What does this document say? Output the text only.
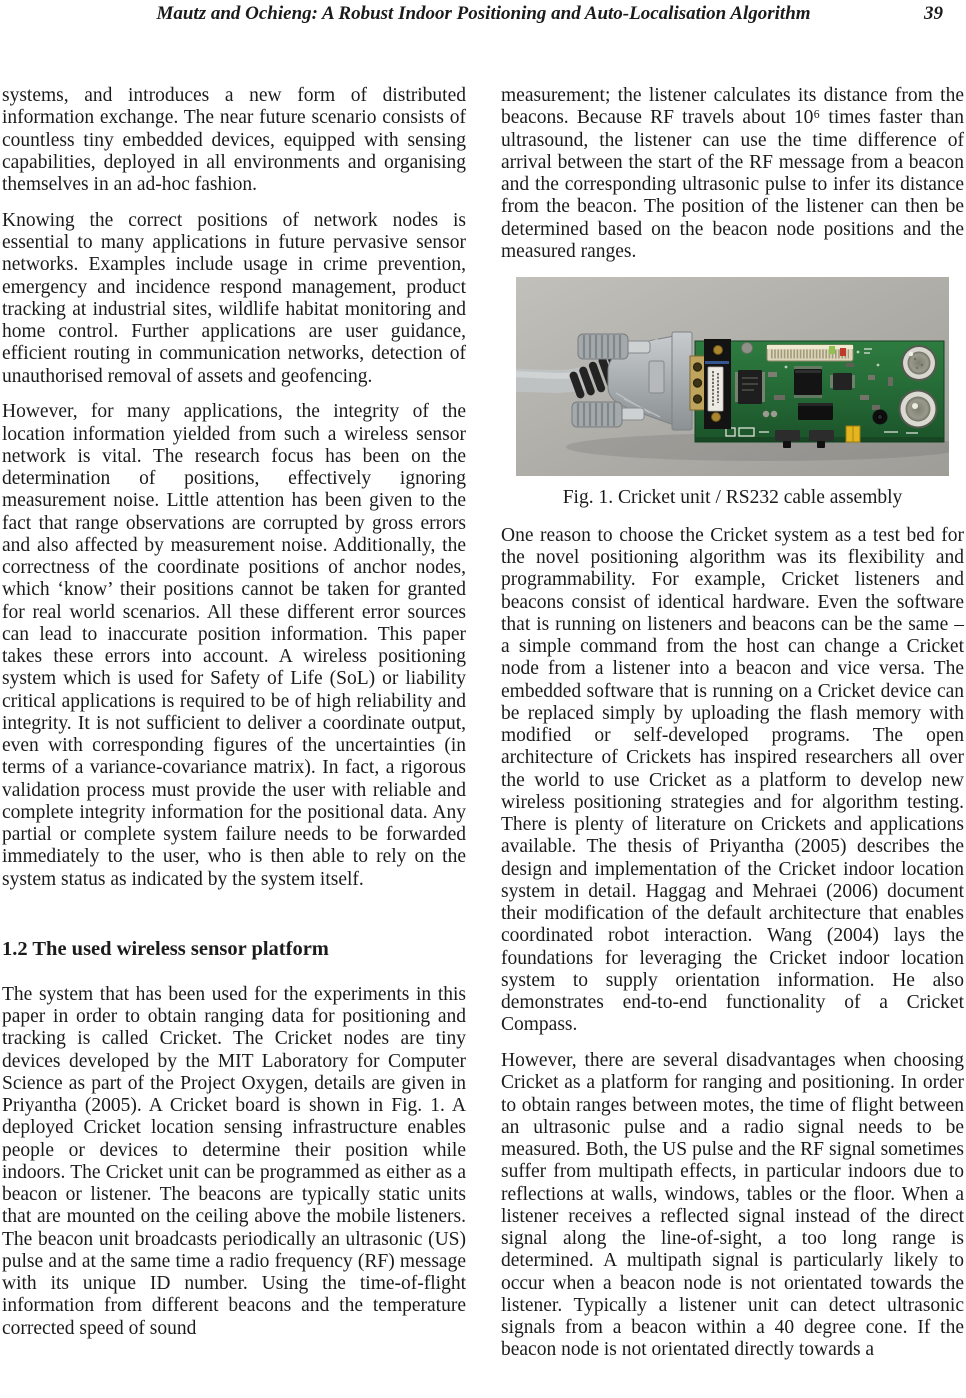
Mautz and Ochieng: A Robust Indoor Positioning and Auto-Localisation Algorithm	39

systems, and introduces a new form of distributed information exchange. The near future scenario consists of countless tiny embedded devices, equipped with sensing capabilities, deployed in all environments and organising themselves in an ad-hoc fashion.

Knowing the correct positions of network nodes is essential to many applications in future pervasive sensor networks. Examples include usage in crime prevention, emergency and incidence respond management, product tracking at industrial sites, wildlife habitat monitoring and home control. Further applications are user guidance, efficient routing in communication networks, detection of unauthorised removal of assets and geofencing.

However, for many applications, the integrity of the location information yielded from such a wireless sensor network is vital. The research focus has been on the determination of positions, effectively ignoring measurement noise. Little attention has been given to the fact that range observations are corrupted by gross errors and also affected by measurement noise. Additionally, the correctness of the coordinate positions of anchor nodes, which ‘know’ their positions cannot be taken for granted for real world scenarios. All these different error sources can lead to inaccurate position information. This paper takes these errors into account. A wireless positioning system which is used for Safety of Life (SoL) or liability critical applications is required to be of high reliability and integrity. It is not sufficient to deliver a coordinate output, even with corresponding figures of the uncertainties (in terms of a variance-covariance matrix). In fact, a rigorous validation process must provide the user with reliable and complete integrity information for the positional data. Any partial or complete system failure needs to be forwarded immediately to the user, who is then able to rely on the system status as indicated by the system itself.

1.2 The used wireless sensor platform

The system that has been used for the experiments in this paper in order to obtain ranging data for positioning and tracking is called Cricket. The Cricket nodes are tiny devices developed by the MIT Laboratory for Computer Science as part of the Project Oxygen, details are given in Priyantha (2005). A Cricket board is shown in Fig. 1. A deployed Cricket location sensing infrastructure enables people or devices to determine their position while indoors. The Cricket unit can be programmed as either as a beacon or listener. The beacons are typically static units that are mounted on the ceiling above the mobile listeners. The beacon unit broadcasts periodically an ultrasonic (US) pulse and at the same time a radio frequency (RF) message with its unique ID number. Using the time-of-flight information from different beacons and the temperature corrected speed of sound

measurement; the listener calculates its distance from the beacons. Because RF travels about 10⁶ times faster than ultrasound, the listener can use the time difference of arrival between the start of the RF message from a beacon and the corresponding ultrasonic pulse to infer its distance from the beacon. The position of the listener can then be determined based on the beacon node positions and the measured ranges.

Fig. 1. Cricket unit / RS232 cable assembly

One reason to choose the Cricket system as a test bed for the novel positioning algorithm was its flexibility and programmability. For example, Cricket listeners and beacons consist of identical hardware. Even the software that is running on listeners and beacons can be the same – a simple command from the host can change a Cricket node from a listener into a beacon and vice versa. The embedded software that is running on a Cricket device can be replaced simply by uploading the flash memory with modified or self-developed programs. The open architecture of Crickets has inspired researchers all over the world to use Cricket as a platform to develop new wireless positioning strategies and for algorithm testing. There is plenty of literature on Crickets and applications available. The thesis of Priyantha (2005) describes the design and implementation of the Cricket indoor location system in detail. Haggag and Mehraei (2006) document their modification of the default architecture that enables coordinated robot interaction. Wang (2004) lays the foundations for leveraging the Cricket indoor location system to supply orientation information. He also demonstrates end-to-end functionality of a Cricket Compass.

However, there are several disadvantages when choosing Cricket as a platform for ranging and positioning. In order to obtain ranges between motes, the time of flight between an ultrasonic pulse and a radio signal needs to be measured. Both, the US pulse and the RF signal sometimes suffer from multipath effects, in particular indoors due to reflections at walls, windows, tables or the floor. When a listener receives a reflected signal instead of the direct signal along the line-of-sight, a too long range is determined. A multipath signal is particularly likely to occur when a beacon node is not orientated towards the listener. Typically a listener unit can detect ultrasonic signals from a beacon within a 40 degree cone. If the beacon node is not orientated directly towards a
